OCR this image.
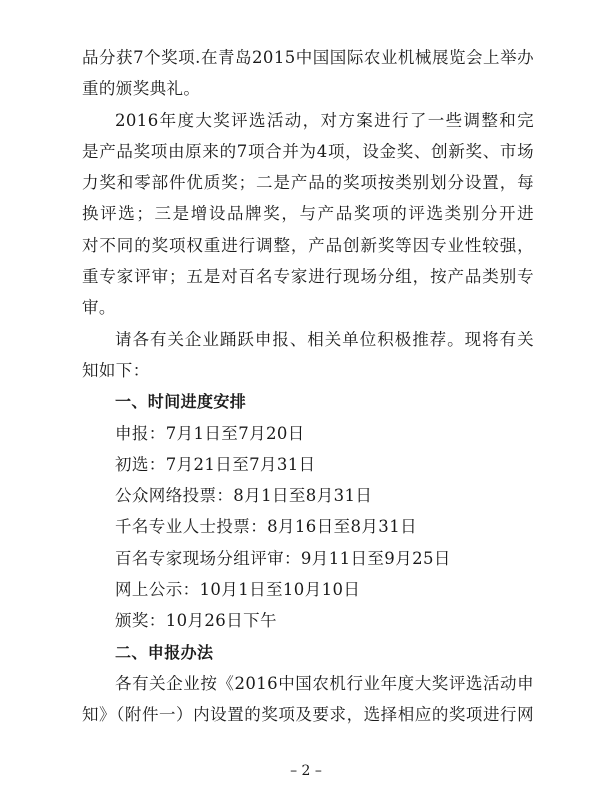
品分获7个奖项.在青岛2015中国国际农业机械展览会上举办
重的颁奖典礼。
2016年度大奖评选活动，对方案进行了一些调整和完
是产品奖项由原来的7项合并为4项，设金奖、创新奖、市场
力奖和零部件优质奖；二是产品的奖项按类别划分设置，每
换评选；三是增设品牌奖，与产品奖项的评选类别分开进
对不同的奖项权重进行调整，产品创新奖等因专业性较强，
重专家评审；五是对百名专家进行现场分组，按产品类别专
审。
请各有关企业踊跃申报、相关单位积极推荐。现将有关
知如下：
一、时间进度安排
申报：7月1日至7月20日
初选：7月21日至7月31日
公众网络投票：8月1日至8月31日
千名专业人士投票：8月16日至8月31日
百名专家现场分组评审：9月11日至9月25日
网上公示：10月1日至10月10日
颁奖：10月26日下午
二、申报办法
各有关企业按《2016中国农机行业年度大奖评选活动申
知》（附件一）内设置的奖项及要求，选择相应的奖项进行网
– 2 –
